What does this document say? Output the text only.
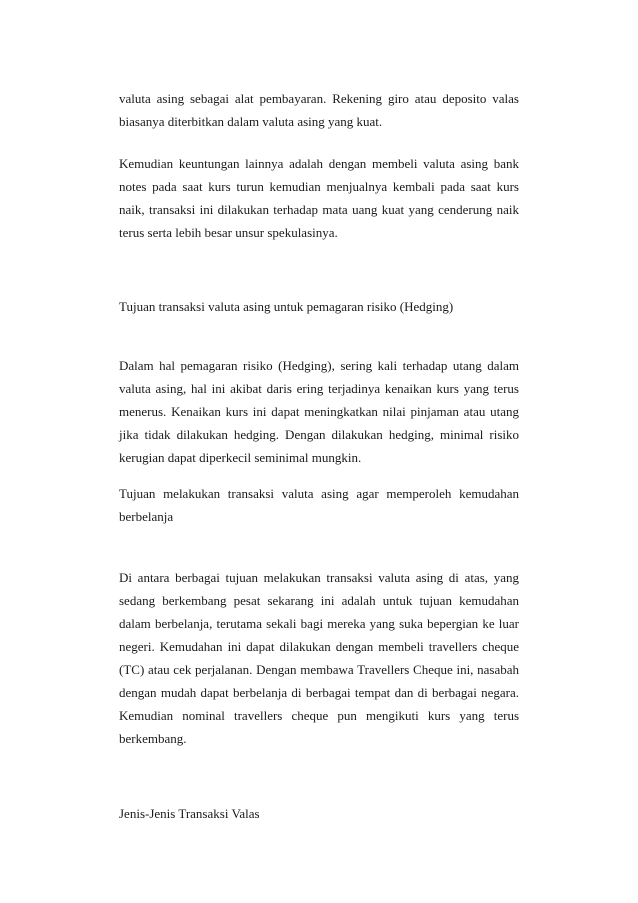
valuta asing sebagai alat pembayaran. Rekening giro atau deposito valas
biasanya diterbitkan dalam valuta asing yang kuat.
Kemudian keuntungan lainnya adalah dengan membeli valuta asing bank
notes pada saat kurs turun kemudian menjualnya kembali pada saat kurs
naik, transaksi ini dilakukan terhadap mata uang kuat yang cenderung naik
terus serta lebih besar unsur spekulasinya.

Tujuan transaksi valuta asing untuk pemagaran risiko (Hedging)

Dalam hal pemagaran risiko (Hedging), sering kali terhadap utang dalam
valuta asing, hal ini akibat daris ering terjadinya kenaikan kurs yang terus
menerus. Kenaikan kurs ini dapat meningkatkan nilai pinjaman atau utang
jika tidak dilakukan hedging. Dengan dilakukan hedging, minimal risiko
kerugian dapat diperkecil seminimal mungkin.
Tujuan melakukan transaksi valuta asing agar memperoleh kemudahan
berbelanja
Di antara berbagai tujuan melakukan transaksi valuta asing di atas, yang
sedang berkembang pesat sekarang ini adalah untuk tujuan kemudahan
dalam berbelanja, terutama sekali bagi mereka yang suka bepergian ke luar
negeri. Kemudahan ini dapat dilakukan dengan membeli travellers cheque
(TC) atau cek perjalanan. Dengan membawa Travellers Cheque ini, nasabah
dengan mudah dapat berbelanja di berbagai tempat dan di berbagai negara.
Kemudian nominal travellers cheque pun mengikuti kurs yang terus
berkembang.

Jenis-Jenis Transaksi Valas
